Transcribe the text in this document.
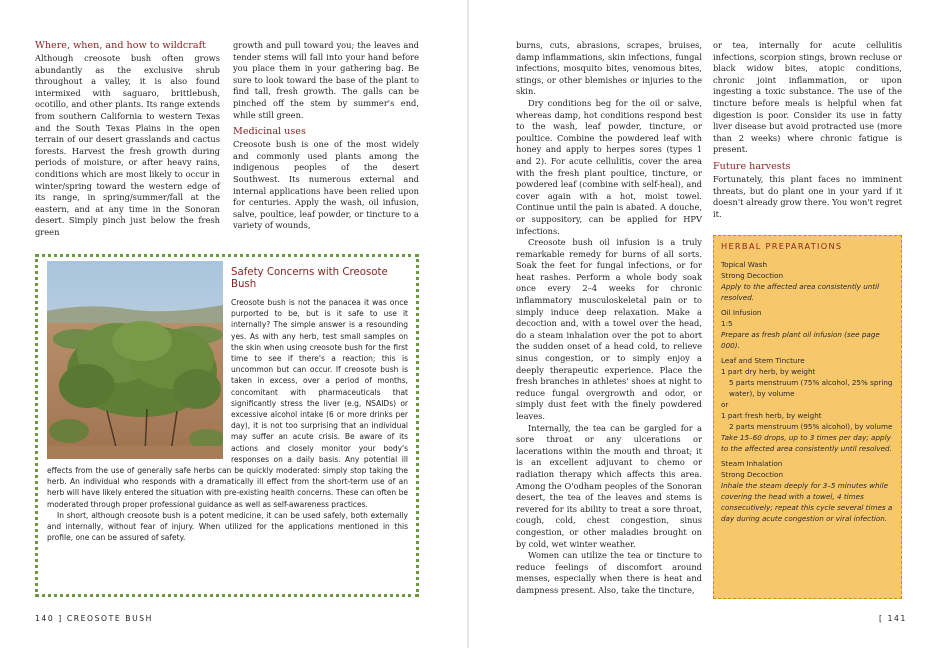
Where, when, and how to wildcraft

Although creosote bush often grows abundantly as the exclusive shrub throughout a valley, it is also found intermixed with saguaro, brittlebush, ocotillo, and other plants. Its range extends from southern California to western Texas and the South Texas Plains in the open terrain of our desert grasslands and cactus forests. Harvest the fresh growth during periods of moisture, or after heavy rains, conditions which are most likely to occur in winter/spring toward the western edge of its range, in spring/summer/fall at the eastern, and at any time in the Sonoran desert. Simply pinch just below the fresh green

growth and pull toward you; the leaves and tender stems will fall into your hand before you place them in your gathering bag. Be sure to look toward the base of the plant to find tall, fresh growth. The galls can be pinched off the stem by summer's end, while still green.

Medicinal uses

Creosote bush is one of the most widely and commonly used plants among the indigenous peoples of the desert Southwest. Its numerous external and internal applications have been relied upon for centuries. Apply the wash, oil infusion, salve, poultice, leaf powder, or tincture to a variety of wounds,

Safety Concerns with Creosote Bush

Creosote bush is not the panacea it was once purported to be, but is it safe to use it internally? The simple answer is a resounding yes. As with any herb, test small samples on the skin when using creosote bush for the first time to see if there's a reaction; this is uncommon but can occur. If creosote bush is taken in excess, over a period of months, concomitant with pharmaceuticals that significantly stress the liver (e.g, NSAIDs) or excessive alcohol intake (6 or more drinks per day), it is not too surprising that an individual may suffer an acute crisis. Be aware of its actions and closely monitor your body's responses on a daily basis. Any potential ill effects from the use of generally safe herbs can be quickly moderated: simply stop taking the herb. An individual who responds with a dramatically ill effect from the short-term use of an herb will have likely entered the situation with pre-existing health concerns. These can often be moderated through proper professional guidance as well as self-awareness practices.

In short, although creosote bush is a potent medicine, it can be used safely, both externally and internally, without fear of injury. When utilized for the applications mentioned in this profile, one can be assured of safety.

140 ] CREOSOTE BUSH

burns, cuts, abrasions, scrapes, bruises, damp inflammations, skin infections, fungal infections, mosquito bites, venomous bites, stings, or other blemishes or injuries to the skin.

Dry conditions beg for the oil or salve, whereas damp, hot conditions respond best to the wash, leaf powder, tincture, or poultice. Combine the powdered leaf with honey and apply to herpes sores (types 1 and 2). For acute cellulitis, cover the area with the fresh plant poultice, tincture, or powdered leaf (combine with self-heal), and cover again with a hot, moist towel. Continue until the pain is abated. A douche, or suppository, can be applied for HPV infections.

Creosote bush oil infusion is a truly remarkable remedy for burns of all sorts. Soak the feet for fungal infections, or for heat rashes. Perform a whole body soak once every 2–4 weeks for chronic inflammatory musculoskeletal pain or to simply induce deep relaxation. Make a decoction and, with a towel over the head, do a steam inhalation over the pot to abort the sudden onset of a head cold, to relieve sinus congestion, or to simply enjoy a deeply therapeutic experience. Place the fresh branches in athletes' shoes at night to reduce fungal overgrowth and odor, or simply dust feet with the finely powdered leaves.

Internally, the tea can be gargled for a sore throat or any ulcerations or lacerations within the mouth and throat; it is an excellent adjuvant to chemo or radiation therapy which affects this area. Among the O'odham peoples of the Sonoran desert, the tea of the leaves and stems is revered for its ability to treat a sore throat, cough, cold, chest congestion, sinus congestion, or other maladies brought on by cold, wet winter weather.

Women can utilize the tea or tincture to reduce feelings of discomfort around menses, especially when there is heat and dampness present. Also, take the tincture,

or tea, internally for acute cellulitis infections, scorpion stings, brown recluse or black widow bites, atopic conditions, chronic joint inflammation, or upon ingesting a toxic substance. The use of the tincture before meals is helpful when fat digestion is poor. Consider its use in fatty liver disease but avoid protracted use (more than 2 weeks) where chronic fatigue is present.

Future harvests

Fortunately, this plant faces no imminent threats, but do plant one in your yard if it doesn't already grow there. You won't regret it.

HERBAL PREPARATIONS

Topical Wash

Strong Decoction

Apply to the affected area consistently until resolved.

Oil Infusion

1:5

Prepare as fresh plant oil infusion (see page 000).

Leaf and Stem Tincture

1 part dry herb, by weight

5 parts menstruum (75% alcohol, 25% spring water), by volume

or

1 part fresh herb, by weight

2 parts menstruum (95% alcohol), by volume

Take 15–60 drops, up to 3 times per day; apply to the affected area consistently until resolved.

Steam Inhalation

Strong Decoction

Inhale the steam deeply for 3–5 minutes while covering the head with a towel, 4 times consecutively; repeat this cycle several times a day during acute congestion or viral infection.

[ 141
